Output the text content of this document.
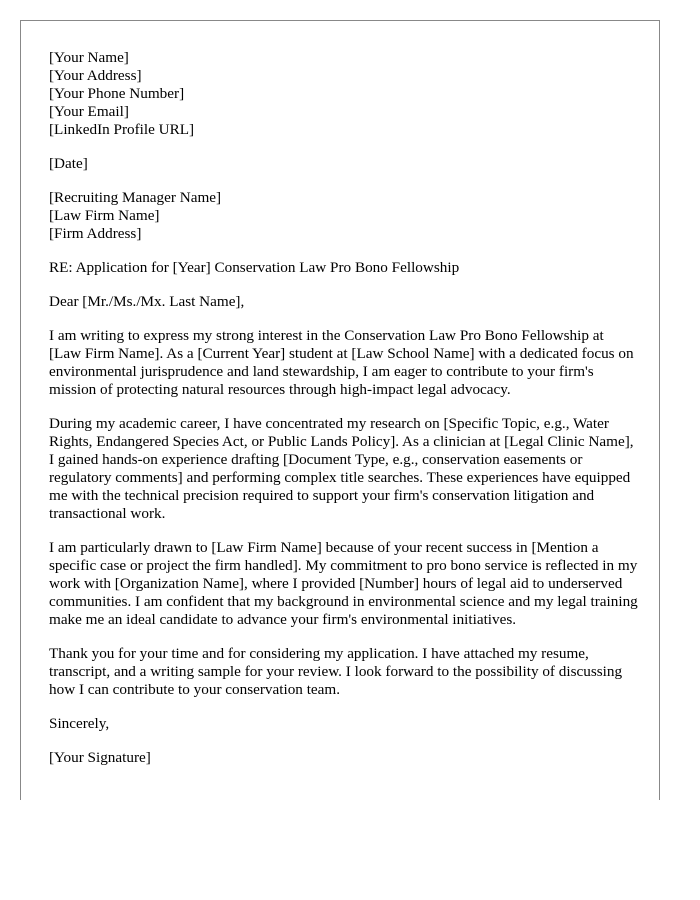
[Your Name]
[Your Address]
[Your Phone Number]
[Your Email]
[LinkedIn Profile URL]
[Date]
[Recruiting Manager Name]
[Law Firm Name]
[Firm Address]

RE: Application for [Year] Conservation Law Pro Bono Fellowship

Dear [Mr./Ms./Mx. Last Name],

I am writing to express my strong interest in the Conservation Law Pro Bono Fellowship at [Law Firm Name]. As a [Current Year] student at [Law School Name] with a dedicated focus on environmental jurisprudence and land stewardship, I am eager to contribute to your firm's mission of protecting natural resources through high-impact legal advocacy.

During my academic career, I have concentrated my research on [Specific Topic, e.g., Water Rights, Endangered Species Act, or Public Lands Policy]. As a clinician at [Legal Clinic Name], I gained hands-on experience drafting [Document Type, e.g., conservation easements or regulatory comments] and performing complex title searches. These experiences have equipped me with the technical precision required to support your firm's conservation litigation and transactional work.

I am particularly drawn to [Law Firm Name] because of your recent success in [Mention a specific case or project the firm handled]. My commitment to pro bono service is reflected in my work with [Organization Name], where I provided [Number] hours of legal aid to underserved communities. I am confident that my background in environmental science and my legal training make me an ideal candidate to advance your firm's environmental initiatives.

Thank you for your time and for considering my application. I have attached my resume, transcript, and a writing sample for your review. I look forward to the possibility of discussing how I can contribute to your conservation team.

Sincerely,

[Your Signature]
